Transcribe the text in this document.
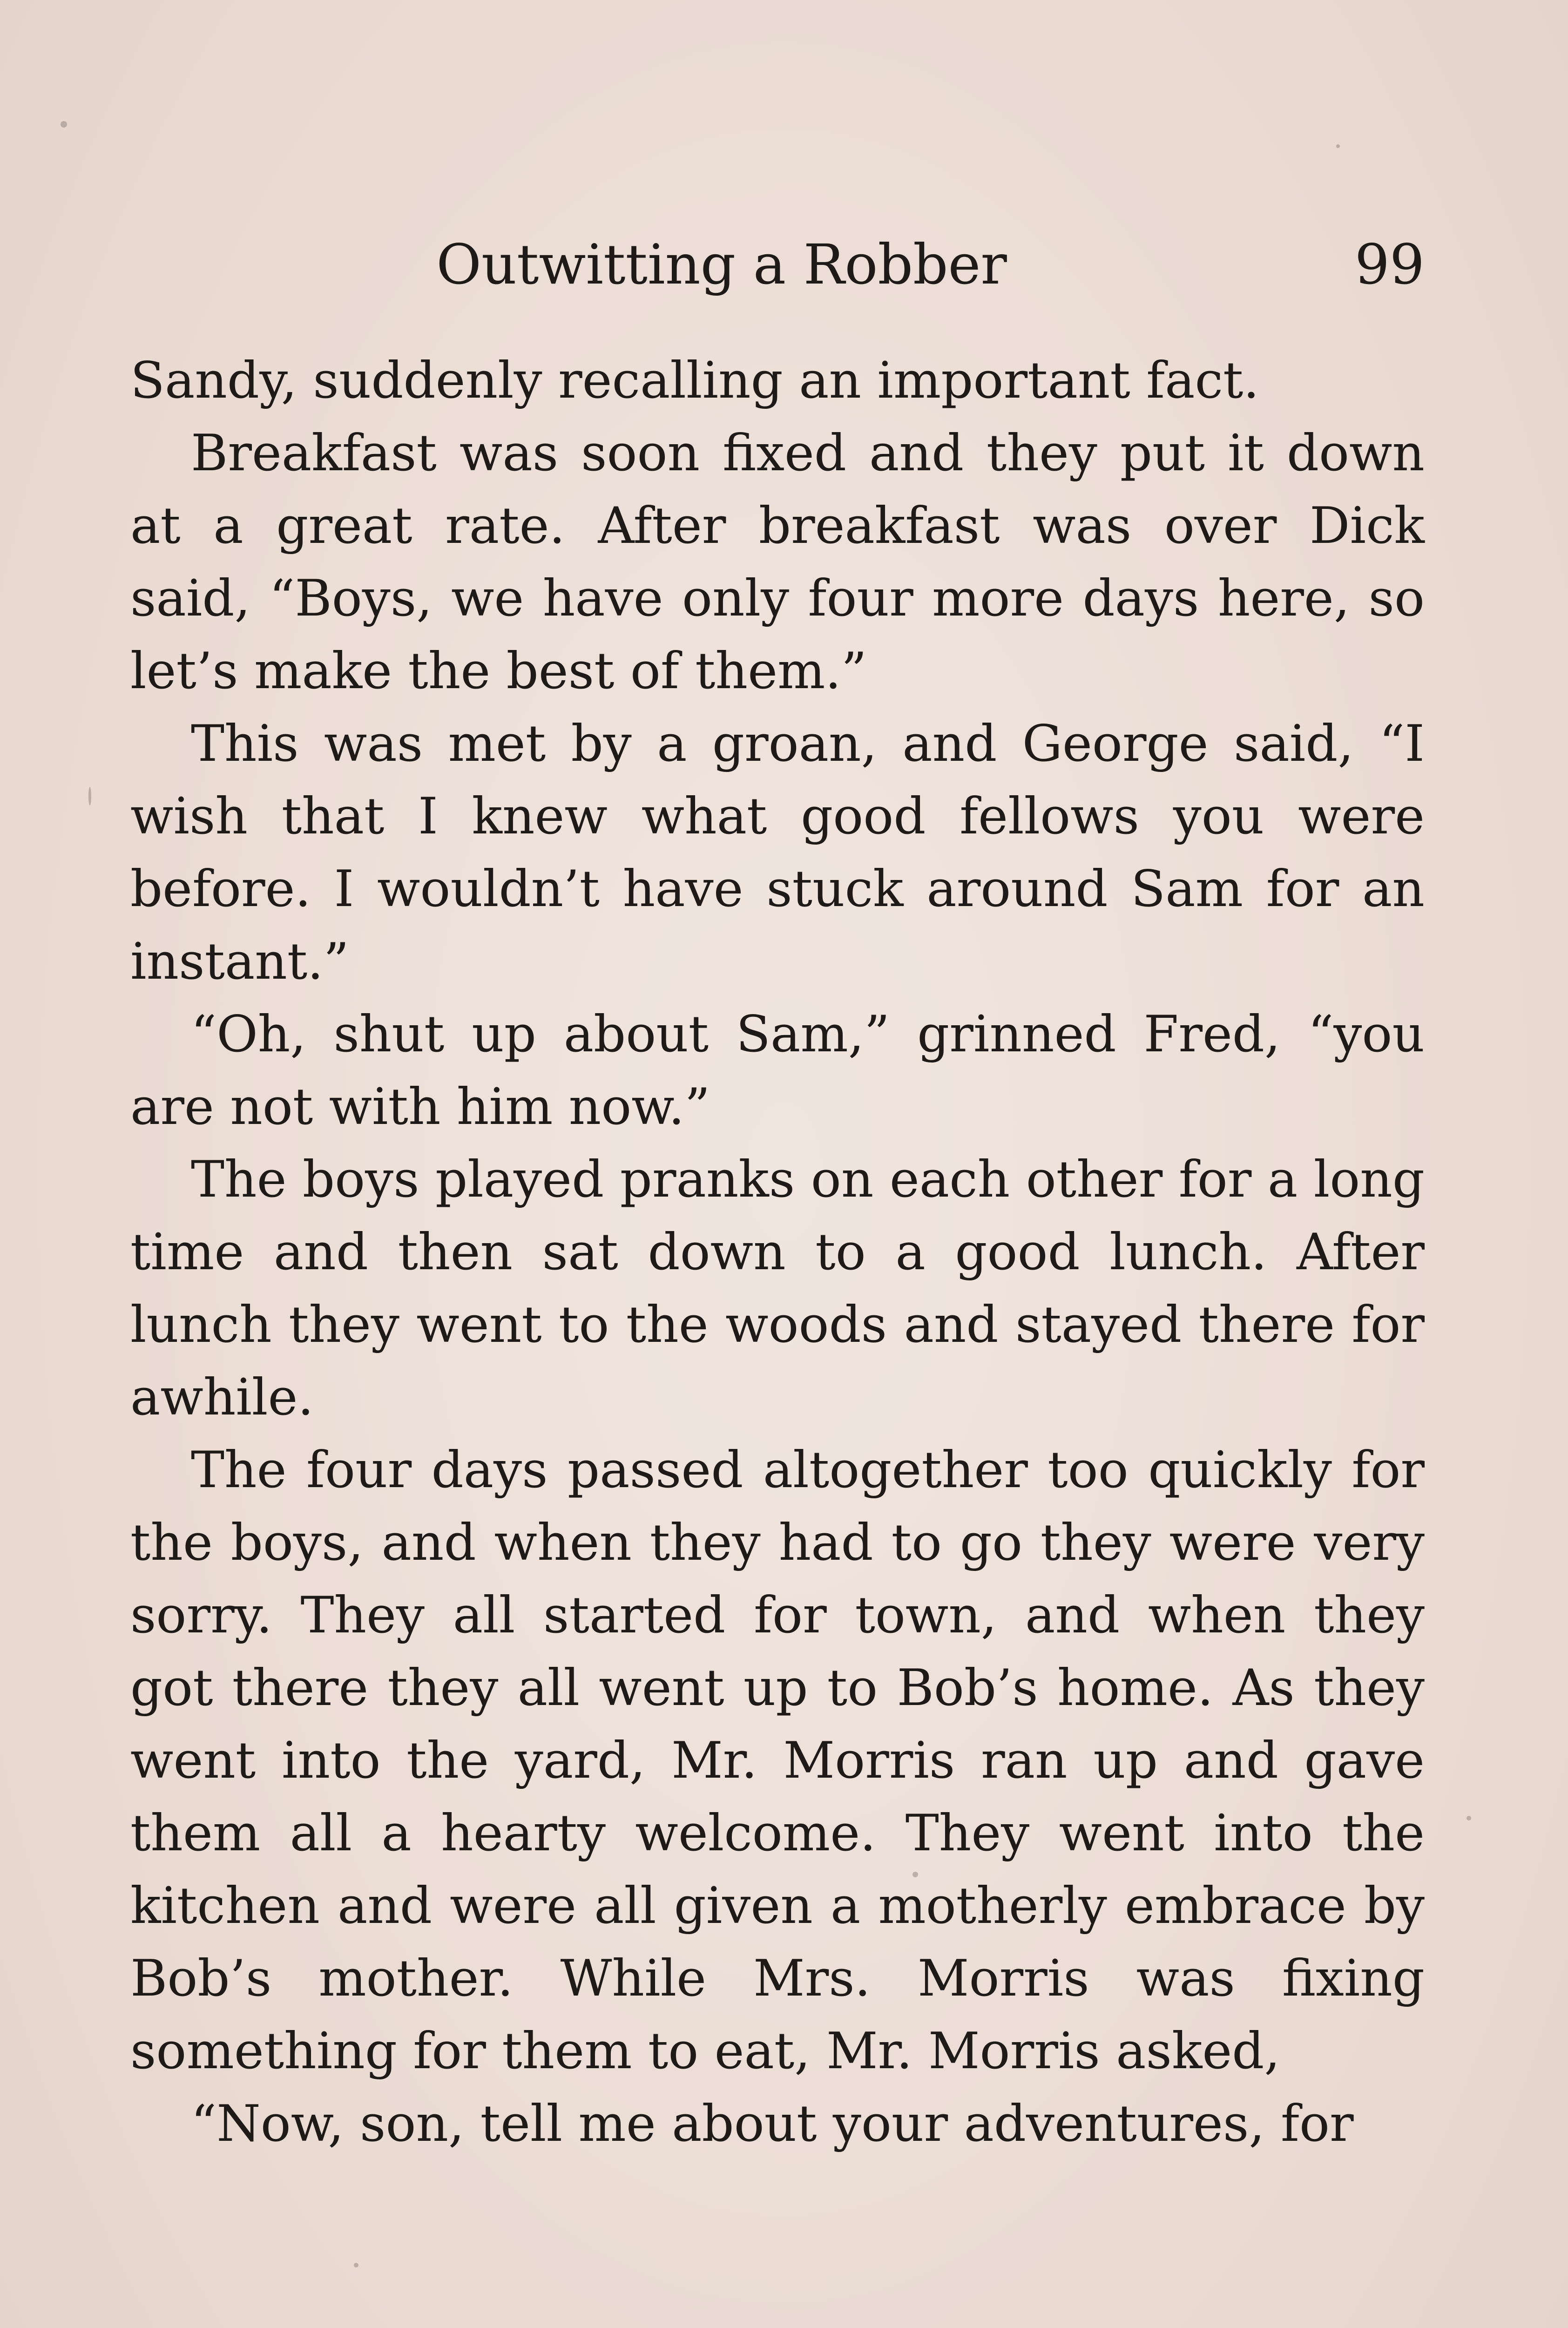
Outwitting a Robber	99

Sandy, suddenly recalling an important fact.

Breakfast was soon fixed and they put it down at a great rate. After breakfast was over Dick said, “Boys, we have only four more days here, so let’s make the best of them.”

This was met by a groan, and George said, “I wish that I knew what good fellows you were before. I wouldn’t have stuck around Sam for an instant.”

“Oh, shut up about Sam,” grinned Fred, “you are not with him now.”

The boys played pranks on each other for a long time and then sat down to a good lunch. After lunch they went to the woods and stayed there for awhile.

The four days passed altogether too quickly for the boys, and when they had to go they were very sorry. They all started for town, and when they got there they all went up to Bob’s home. As they went into the yard, Mr. Morris ran up and gave them all a hearty welcome. They went into the kitchen and were all given a motherly embrace by Bob’s mother. While Mrs. Morris was fixing something for them to eat, Mr. Morris asked,

“Now, son, tell me about your adventures, for
